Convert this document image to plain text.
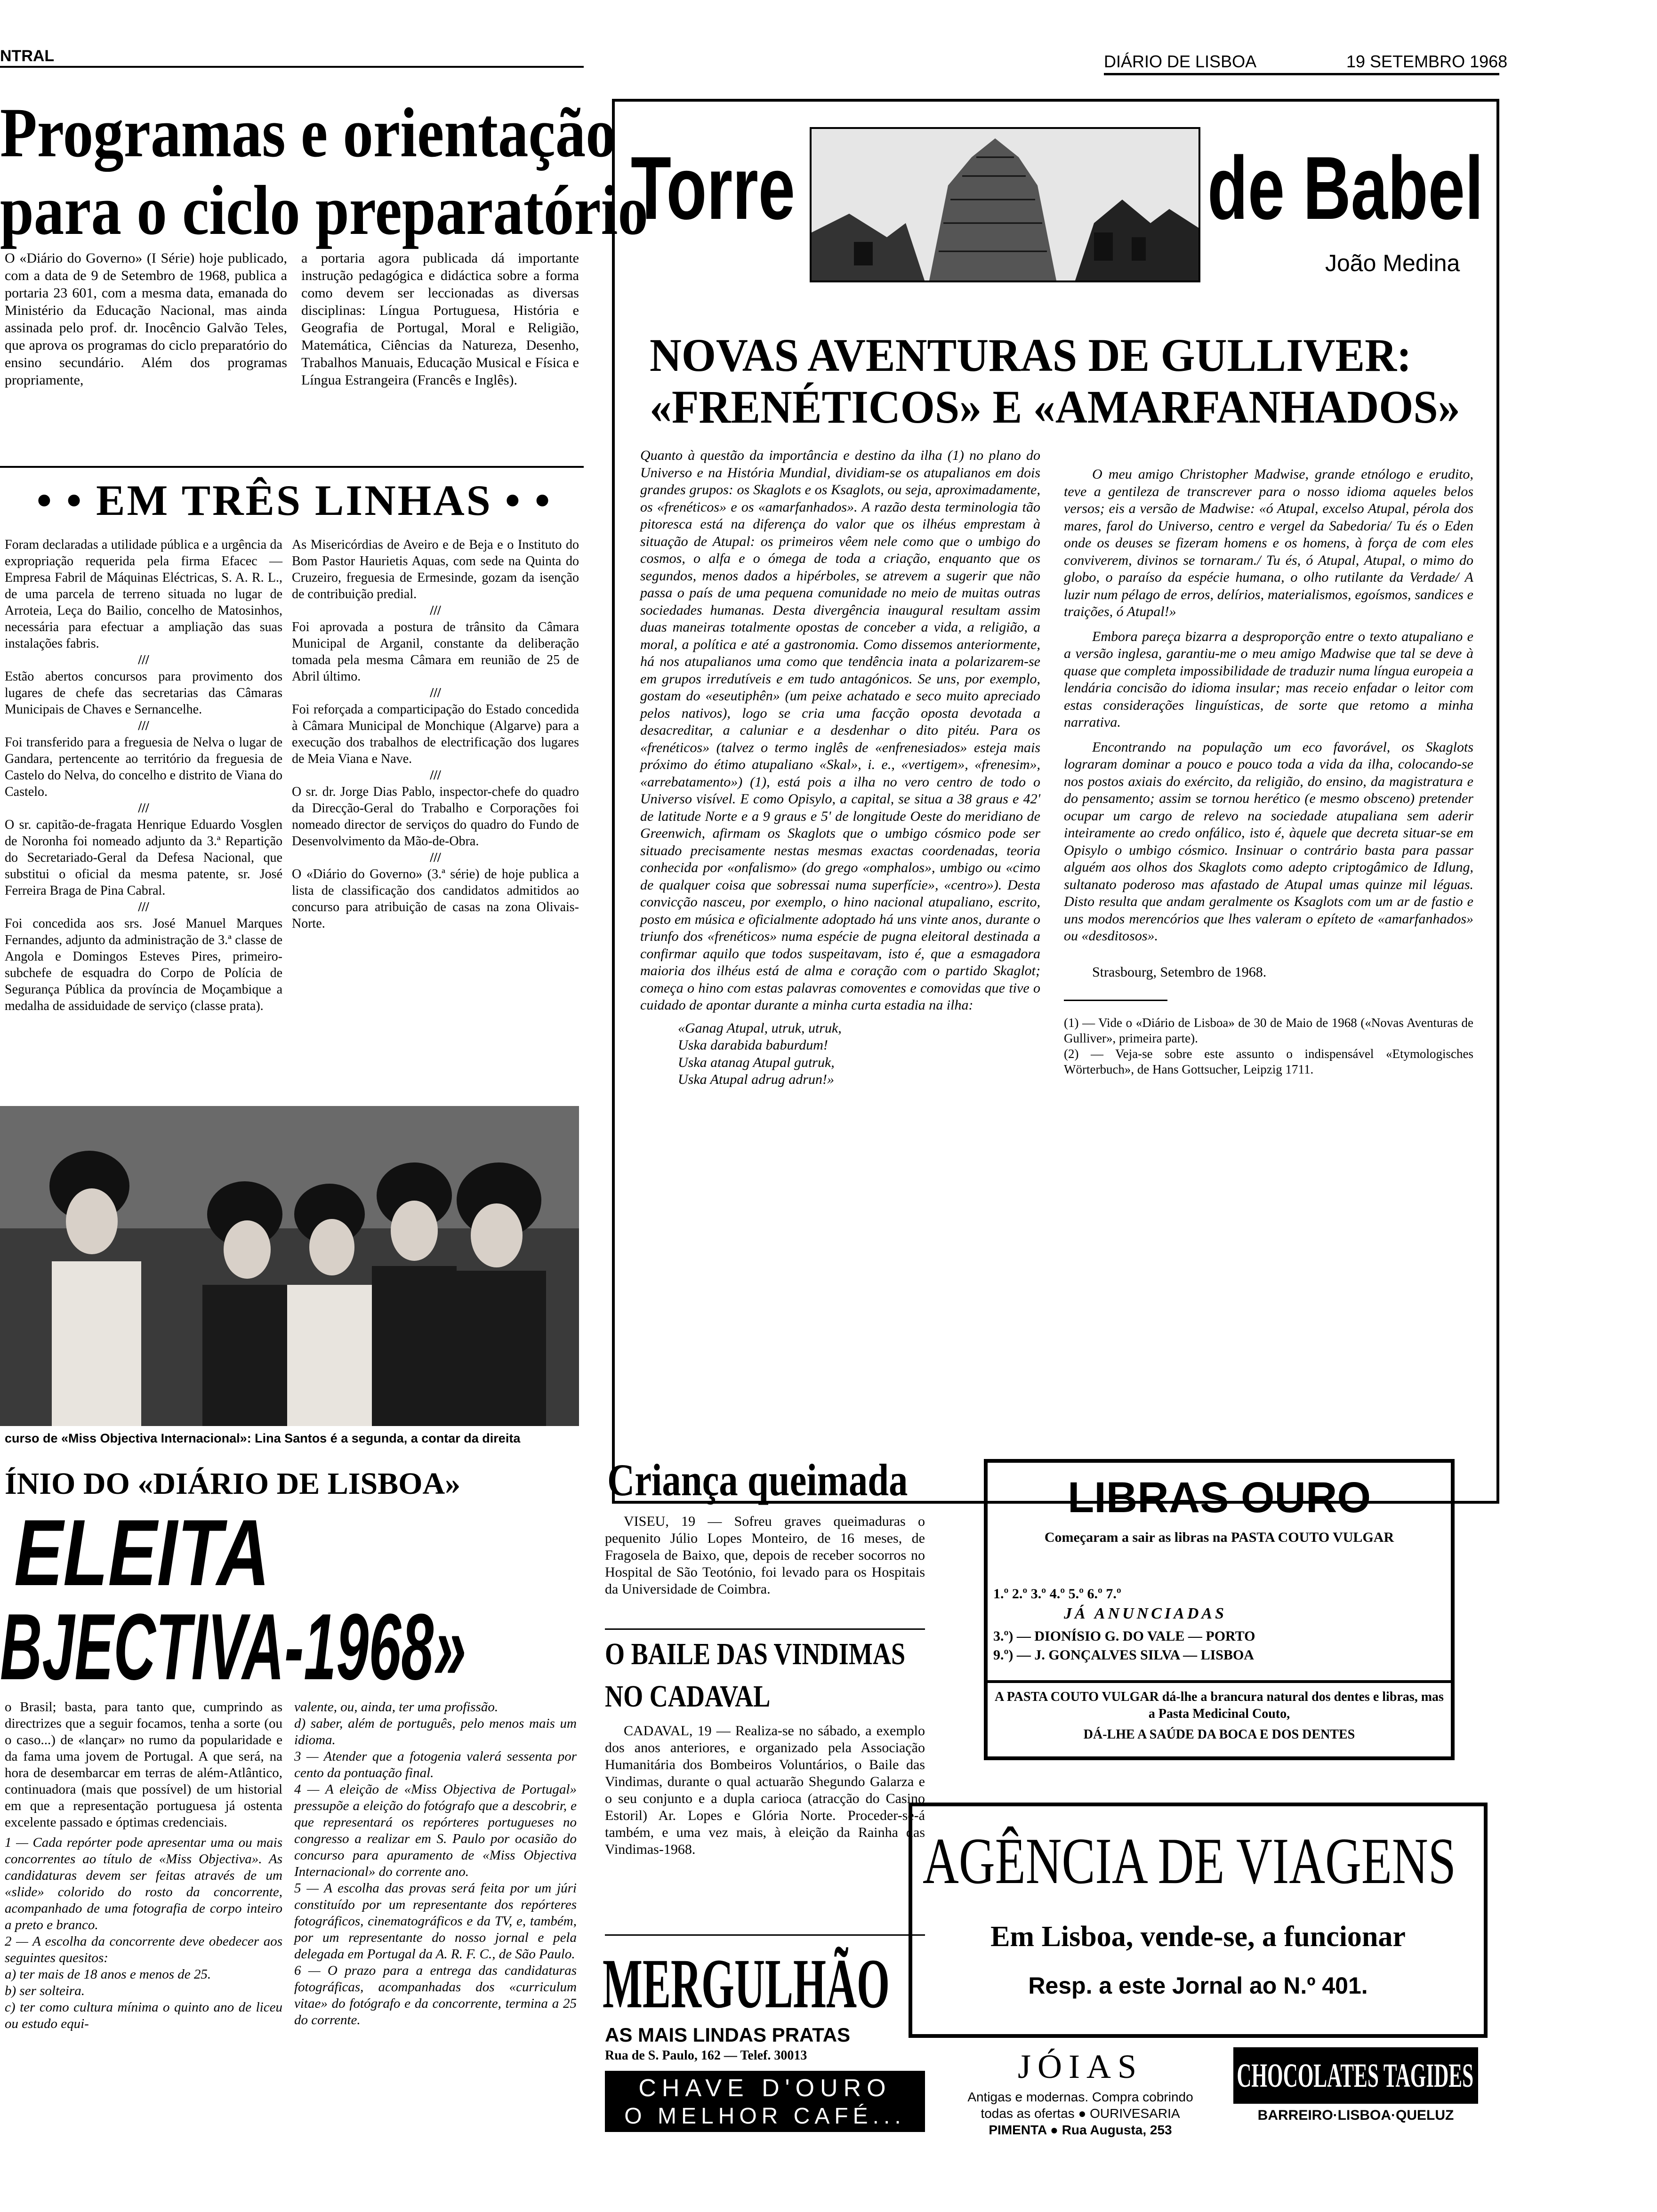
NTRAL	DIÁRIO DE LISBOA	19 SETEMBRO 1968
Programas e orientação
para o ciclo preparatório
O «Diário do Governo» (I Série) hoje publicado, com a data de 9 de Setembro de 1968, publica a portaria 23 601, com a mesma data, emanada do Ministério da Educação Nacional, mas ainda assinada pelo prof. dr. Inocêncio Galvão Teles, que aprova os programas do ciclo preparatório do ensino secundário. Além dos programas propriamente,
a portaria agora publicada dá importante instrução pedagógica e didáctica sobre a forma como devem ser leccionadas as diversas disciplinas: Língua Portuguesa, História e Geografia de Portugal, Moral e Religião, Matemática, Ciências da Natureza, Desenho, Trabalhos Manuais, Educação Musical e Física e Língua Estrangeira (Francês e Inglês).
• • EM TRÊS LINHAS • •

Foram declaradas a utilidade pública e a urgência da expropriação requerida pela firma Efacec — Empresa Fabril de Máquinas Eléctricas, S. A. R. L., de uma parcela de terreno situada no lugar de Arroteia, Leça do Bailio, concelho de Matosinhos, necessária para efectuar a ampliação das suas instalações fabris.

///

Estão abertos concursos para provimento dos lugares de chefe das secretarias das Câmaras Municipais de Chaves e Sernancelhe.

///

Foi transferido para a freguesia de Nelva o lugar de Gandara, pertencente ao território da freguesia de Castelo do Nelva, do concelho e distrito de Viana do Castelo.

///

O sr. capitão-de-fragata Henrique Eduardo Vosglen de Noronha foi nomeado adjunto da 3.ª Repartição do Secretariado-Geral da Defesa Nacional, que substitui o oficial da mesma patente, sr. José Ferreira Braga de Pina Cabral.

///

Foi concedida aos srs. José Manuel Marques Fernandes, adjunto da administração de 3.ª classe de Angola e Domingos Esteves Pires, primeiro-subchefe de esquadra do Corpo de Polícia de Segurança Pública da província de Moçambique a medalha de assiduidade de serviço (classe prata).

As Misericórdias de Aveiro e de Beja e o Instituto do Bom Pastor Haurietis Aquas, com sede na Quinta do Cruzeiro, freguesia de Ermesinde, gozam da isenção de contribuição predial.

///

Foi aprovada a postura de trânsito da Câmara Municipal de Arganil, constante da deliberação tomada pela mesma Câmara em reunião de 25 de Abril último.

///

Foi reforçada a comparticipação do Estado concedida à Câmara Municipal de Monchique (Algarve) para a execução dos trabalhos de electrificação dos lugares de Meia Viana e Nave.

///

O sr. dr. Jorge Dias Pablo, inspector-chefe do quadro da Direcção-Geral do Trabalho e Corporações foi nomeado director de serviços do quadro do Fundo de Desenvolvimento da Mão-de-Obra.

///

O «Diário do Governo» (3.ª série) de hoje publica a lista de classificação dos candidatos admitidos ao concurso para atribuição de casas na zona Olivais-Norte.

curso de «Miss Objectiva Internacional»: Lina Santos é a segunda, a contar da direita
ÍNIO DO «DIÁRIO DE LISBOA»
ELEITA
BJECTIVA-1968»

o Brasil; basta, para tanto que, cumprindo as directrizes que a seguir focamos, tenha a sorte (ou o caso...) de «lançar» no rumo da popularidade e da fama uma jovem de Portugal. A que será, na hora de desembarcar em terras de além-Atlântico, continuadora (mais que possível) de um historial em que a representação portuguesa já ostenta excelente passado e óptimas credenciais.

1 — Cada repórter pode apresentar uma ou mais concorrentes ao título de «Miss Objectiva». As candidaturas devem ser feitas através de um «slide» colorido do rosto da concorrente, acompanhado de uma fotografia de corpo inteiro a preto e branco.

2 — A escolha da concorrente deve obedecer aos seguintes quesitos:

a) ter mais de 18 anos e menos de 25.

b) ser solteira.

c) ter como cultura mínima o quinto ano de liceu ou estudo equi-

valente, ou, ainda, ter uma profissão.

d) saber, além de português, pelo menos mais um idioma.

3 — Atender que a fotogenia valerá sessenta por cento da pontuação final.

4 — A eleição de «Miss Objectiva de Portugal» pressupõe a eleição do fotógrafo que a descobrir, e que representará os repórteres portugueses no congresso a realizar em S. Paulo por ocasião do concurso para apuramento de «Miss Objectiva Internacional» do corrente ano.

5 — A escolha das provas será feita por um júri constituído por um representante dos repórteres fotográficos, cinematográficos e da TV, e, também, por um representante do nosso jornal e pela delegada em Portugal da A. R. F. C., de São Paulo.

6 — O prazo para a entrega das candidaturas fotográficas, acompanhadas dos «curriculum vitae» do fotógrafo e da concorrente, termina a 25 do corrente.

Torre	de Babel
João Medina
NOVAS AVENTURAS DE GULLIVER:
«FRENÉTICOS» E «AMARFANHADOS»

Quanto à questão da importância e destino da ilha (1) no plano do Universo e na História Mundial, dividiam-se os atupalianos em dois grandes grupos: os Skaglots e os Ksaglots, ou seja, aproximadamente, os «frenéticos» e os «amarfanhados». A razão desta terminologia tão pitoresca está na diferença do valor que os ilhéus emprestam à situação de Atupal: os primeiros vêem nele como que o umbigo do cosmos, o alfa e o ómega de toda a criação, enquanto que os segundos, menos dados a hipérboles, se atrevem a sugerir que não passa o país de uma pequena comunidade no meio de muitas outras sociedades humanas. Desta divergência inaugural resultam assim duas maneiras totalmente opostas de conceber a vida, a religião, a moral, a política e até a gastronomia. Como dissemos anteriormente, há nos atupalianos uma como que tendência inata a polarizarem-se em grupos irredutíveis e em tudo antagónicos. Se uns, por exemplo, gostam do «eseutiphên» (um peixe achatado e seco muito apreciado pelos nativos), logo se cria uma facção oposta devotada a desacreditar, a caluniar e a desdenhar o dito pitéu. Para os «frenéticos» (talvez o termo inglês de «enfrenesiados» esteja mais próximo do étimo atupaliano «Skal», i. e., «vertigem», «frenesim», «arrebatamento») (1), está pois a ilha no vero centro de todo o Universo visível. E como Opisylo, a capital, se situa a 38 graus e 42' de latitude Norte e a 9 graus e 5' de longitude Oeste do meridiano de Greenwich, afirmam os Skaglots que o umbigo cósmico pode ser situado precisamente nestas mesmas exactas coordenadas, teoria conhecida por «onfalismo» (do grego «omphalos», umbigo ou «cimo de qualquer coisa que sobressai numa superfície», «centro»). Desta convicção nasceu, por exemplo, o hino nacional atupaliano, escrito, posto em música e oficialmente adoptado há uns vinte anos, durante o triunfo dos «frenéticos» numa espécie de pugna eleitoral destinada a confirmar aquilo que todos suspeitavam, isto é, que a esmagadora maioria dos ilhéus está de alma e coração com o partido Skaglot; começa o hino com estas palavras comoventes e comovidas que tive o cuidado de apontar durante a minha curta estadia na ilha:

«Ganag Atupal, utruk, utruk,

Uska darabida baburdum!

Uska atanag Atupal gutruk,

Uska Atupal adrug adrun!»

O meu amigo Christopher Madwise, grande etnólogo e erudito, teve a gentileza de transcrever para o nosso idioma aqueles belos versos; eis a versão de Madwise: «ó Atupal, excelso Atupal, pérola dos mares, farol do Universo, centro e vergel da Sabedoria/ Tu és o Eden onde os deuses se fizeram homens e os homens, à força de com eles conviverem, divinos se tornaram./ Tu és, ó Atupal, Atupal, o mimo do globo, o paraíso da espécie humana, o olho rutilante da Verdade/ A luzir num pélago de erros, delírios, materialismos, egoísmos, sandices e traições, ó Atupal!»

Embora pareça bizarra a desproporção entre o texto atupaliano e a versão inglesa, garantiu-me o meu amigo Madwise que tal se deve à quase que completa impossibilidade de traduzir numa língua europeia a lendária concisão do idioma insular; mas receio enfadar o leitor com estas considerações linguísticas, de sorte que retomo a minha narrativa.

Encontrando na população um eco favorável, os Skaglots lograram dominar a pouco e pouco toda a vida da ilha, colocando-se nos postos axiais do exército, da religião, do ensino, da magistratura e do pensamento; assim se tornou herético (e mesmo obsceno) pretender ocupar um cargo de relevo na sociedade atupaliana sem aderir inteiramente ao credo onfálico, isto é, àquele que decreta situar-se em Opisylo o umbigo cósmico. Insinuar o contrário basta para passar alguém aos olhos dos Skaglots como adepto criptogâmico de Idlung, sultanato poderoso mas afastado de Atupal umas quinze mil léguas. Disto resulta que andam geralmente os Ksaglots com um ar de fastio e uns modos merencórios que lhes valeram o epíteto de «amarfanhados» ou «desditosos».

Strasbourg, Setembro de 1968.

(1) — Vide o «Diário de Lisboa» de 30 de Maio de 1968 («Novas Aventuras de Gulliver», primeira parte).

(2) — Veja-se sobre este assunto o indispensável «Etymologisches Wörterbuch», de Hans Gottsucher, Leipzig 1711.

Criança queimada
VISEU, 19 — Sofreu graves queimaduras o pequenito Júlio Lopes Monteiro, de 16 meses, de Fragosela de Baixo, que, depois de receber socorros no Hospital de São Teotónio, foi levado para os Hospitais da Universidade de Coimbra.
O BAILE DAS VINDIMAS
NO CADAVAL
CADAVAL, 19 — Realiza-se no sábado, a exemplo dos anos anteriores, e organizado pela Associação Humanitária dos Bombeiros Voluntários, o Baile das Vindimas, durante o qual actuarão Shegundo Galarza e o seu conjunto e a dupla carioca (atracção do Casino Estoril) Ar. Lopes e Glória Norte. Proceder-se-á também, e uma vez mais, à eleição da Rainha das Vindimas-1968.
MERGULHÃO
AS MAIS LINDAS PRATAS
Rua de S. Paulo, 162 — Telef. 30013
CHAVE D'OURO
O MELHOR CAFÉ...
LIBRAS OURO
Começaram a sair as libras na PASTA COUTO VULGAR
1.º 2.º 3.º 4.º 5.º 6.º 7.º
JÁ ANUNCIADAS
3.º) — DIONÍSIO G. DO VALE — PORTO
9.º) — J. GONÇALVES SILVA — LISBOA
A PASTA COUTO VULGAR dá-lhe a brancura natural dos dentes e libras, mas a Pasta Medicinal Couto,
DÁ-LHE A SAÚDE DA BOCA E DOS DENTES
AGÊNCIA DE VIAGENS
Em Lisboa, vende-se, a funcionar
Resp. a este Jornal ao N.º 401.
JÓIAS
Antigas e modernas. Compra cobrindo
todas as ofertas ● OURIVESARIA
PIMENTA ● Rua Augusta, 253
CHOCOLATES TAGIDES
BARREIRO·LISBOA·QUELUZ
